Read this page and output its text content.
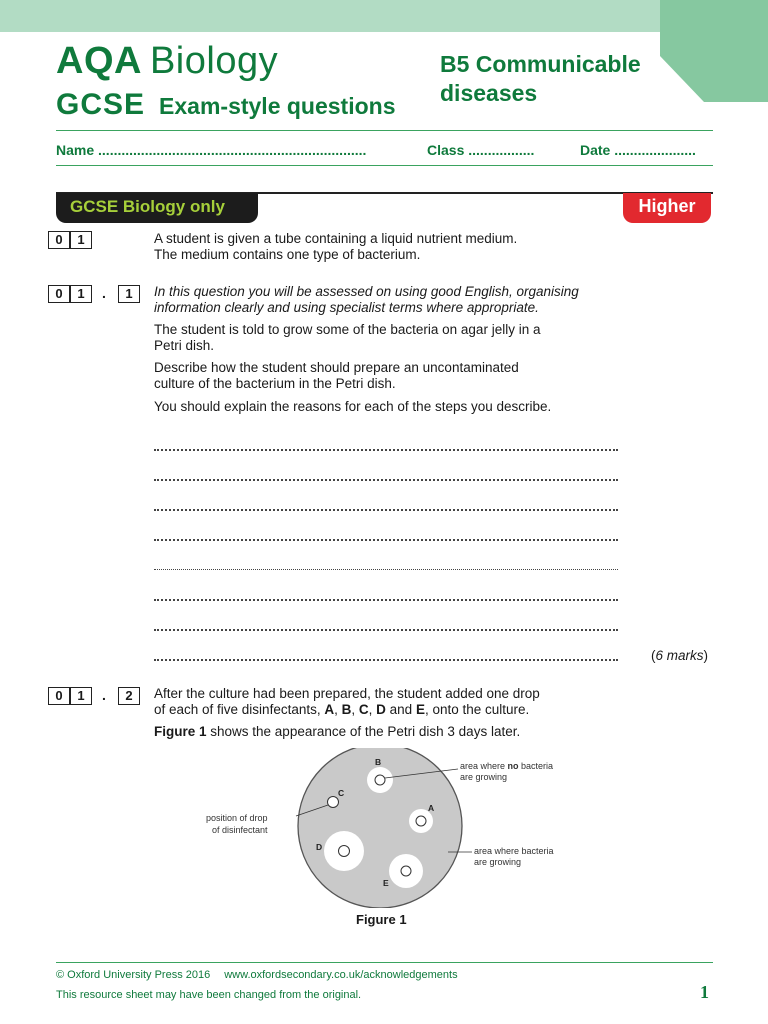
AQA Biology
GCSE Exam-style questions
B5 Communicable
diseases
Name .....................................................................	Class .................	Date .....................
GCSE Biology only	Higher
0	1	A student is given a tube containing a liquid nutrient medium.
The medium contains one type of bacterium.
0	1	.	1	In this question you will be assessed on using good English, organising
information clearly and using specialist terms where appropriate.
The student is told to grow some of the bacteria on agar jelly in a
Petri dish.
Describe how the student should prepare an uncontaminated
culture of the bacterium in the Petri dish.
You should explain the reasons for each of the steps you describe.
(6 marks)
0	1	.	2	After the culture had been prepared, the student added one drop
of each of five disinfectants, A, B, C, D and E, onto the culture.
Figure 1 shows the appearance of the Petri dish 3 days later.
B
C
A
D
E
area where no bacteria
are growing
position of drop
of disinfectant
area where bacteria
are growing
Figure 1
© Oxford University Press 2016 www.oxfordsecondary.co.uk/acknowledgements
This resource sheet may have been changed from the original.	1
